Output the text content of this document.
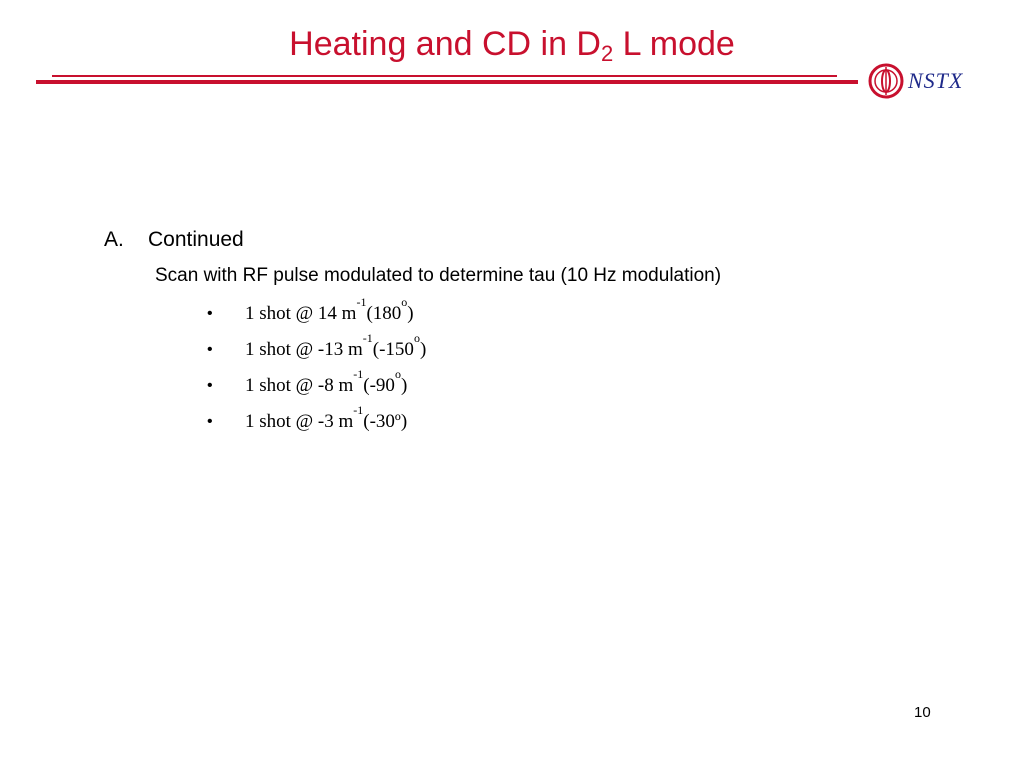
Heating and CD in $D_2$ L mode
NSTX
A. Continued
Scan with RF pulse modulated to determine tau (10 Hz modulation)
•	1 shot @ 14 m
-1
(180
o
)
•	1 shot @ -13 m
-1
(-150
o
)
•	1 shot @ -8 m
-1
(-90
o
)
•	1 shot @ -3 m
-1
(-30º )
10
